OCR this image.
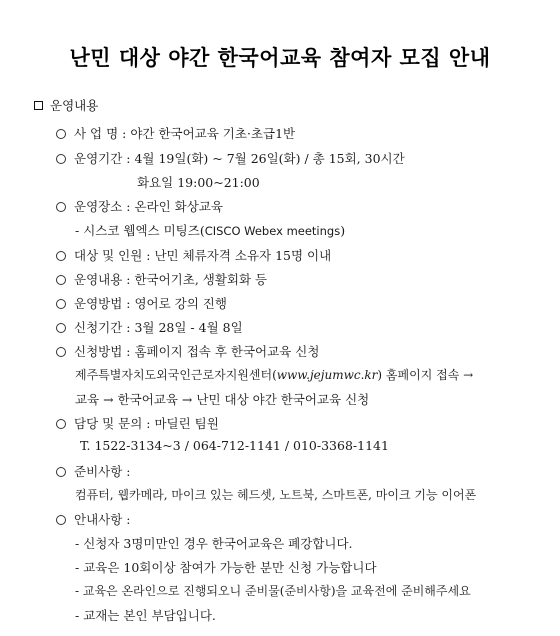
난민 대상 야간 한국어교육 참여자 모집 안내
운영내용
사 업 명 : 야간 한국어교육 기초·초급1반
운영기간 : 4월 19일(화) ~ 7월 26일(화) / 총 15회, 30시간
화요일 19:00~21:00
운영장소 : 온라인 화상교육
- 시스코 웹엑스 미팅즈(CISCO Webex meetings)
대상 및 인원 : 난민 체류자격 소유자 15명 이내
운영내용 : 한국어기초, 생활회화 등
운영방법 : 영어로 강의 진행
신청기간 : 3월 28일 - 4월 8일
신청방법 : 홈페이지 접속 후 한국어교육 신청
제주특별자치도외국인근로자지원센터(www.jejumwc.kr) 홈페이지 접속 →
교육 → 한국어교육 → 난민 대상 야간 한국어교육 신청
담당 및 문의 : 마딜린 팀원
T. 1522-3134~3 / 064-712-1141 / 010-3368-1141
준비사항 :
컴퓨터, 웹카메라, 마이크 있는 헤드셋, 노트북, 스마트폰, 마이크 기능 이어폰
안내사항 :
- 신청자 3명미만인 경우 한국어교육은 폐강합니다.
- 교육은 10회이상 참여가 가능한 분만 신청 가능합니다
- 교육은 온라인으로 진행되오니 준비물(준비사항)을 교육전에 준비해주세요
- 교재는 본인 부담입니다.
